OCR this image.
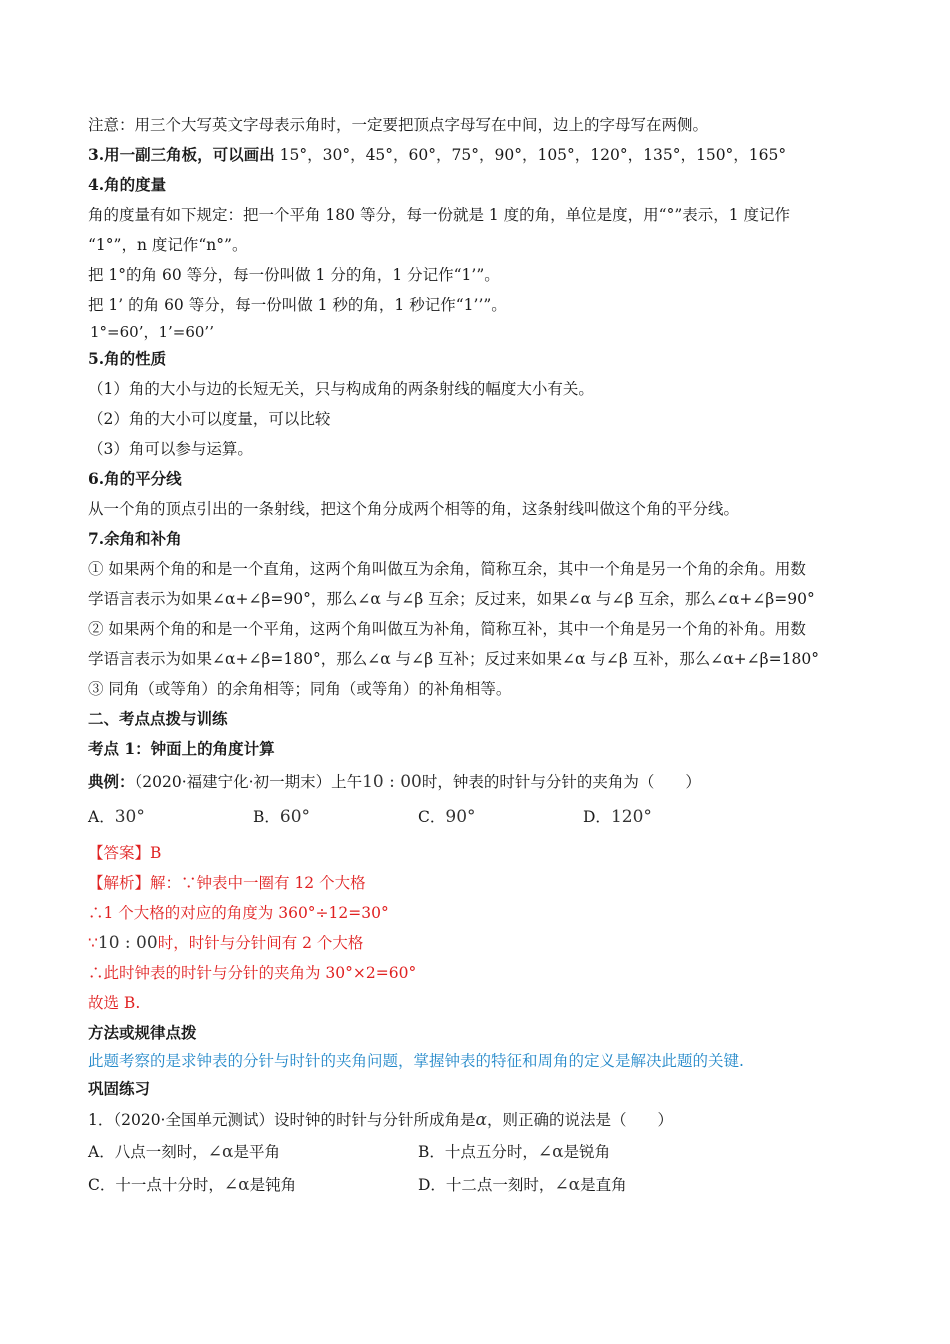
注意：用三个大写英文字母表示角时，一定要把顶点字母写在中间，边上的字母写在两侧。
3.用一副三角板，可以画出 15°，30°，45°，60°，75°，90°，105°，120°，135°，150°，165°
4.角的度量
角的度量有如下规定：把一个平角 180 等分，每一份就是 1 度的角，单位是度，用“°”表示，1 度记作
“1°”，n 度记作“n°”。
把 1°的角 60 等分，每一份叫做 1 分的角，1 分记作“1’”。
把 1’ 的角 60 等分，每一份叫做 1 秒的角，1 秒记作“1’’”。
1°=60’，1’=60’’
5.角的性质
（1）角的大小与边的长短无关，只与构成角的两条射线的幅度大小有关。
（2）角的大小可以度量，可以比较
（3）角可以参与运算。
6.角的平分线
从一个角的顶点引出的一条射线，把这个角分成两个相等的角，这条射线叫做这个角的平分线。
7.余角和补角
① 如果两个角的和是一个直角，这两个角叫做互为余角，简称互余，其中一个角是另一个角的余角。用数
学语言表示为如果∠α+∠β=90°，那么∠α 与∠β 互余；反过来，如果∠α 与∠β 互余，那么∠α+∠β=90°
② 如果两个角的和是一个平角，这两个角叫做互为补角，简称互补，其中一个角是另一个角的补角。用数
学语言表示为如果∠α+∠β=180°，那么∠α 与∠β 互补；反过来如果∠α 与∠β 互补，那么∠α+∠β=180°
③ 同角（或等角）的余角相等；同角（或等角）的补角相等。
二、考点点拨与训练
考点 1：钟面上的角度计算
典例：（2020·福建宁化·初一期末）上午10 : 00时，钟表的时针与分针的夹角为（　　）
A．30°	B．60°	C．90°	D．120°
【答案】B
【解析】解：∵钟表中一圈有 12 个大格
∴1 个大格的对应的角度为 360°÷12=30°
∵10 : 00时，时针与分针间有 2 个大格
∴此时钟表的时针与分针的夹角为 30°×2=60°
故选 B.
方法或规律点拨
此题考察的是求钟表的分针与时针的夹角问题，掌握钟表的特征和周角的定义是解决此题的关键.
巩固练习
1．（2020·全国单元测试）设时钟的时针与分针所成角是α，则正确的说法是（　　）
A．八点一刻时，∠α是平角	B．十点五分时，∠α是锐角
C．十一点十分时，∠α是钝角	D．十二点一刻时，∠α是直角
